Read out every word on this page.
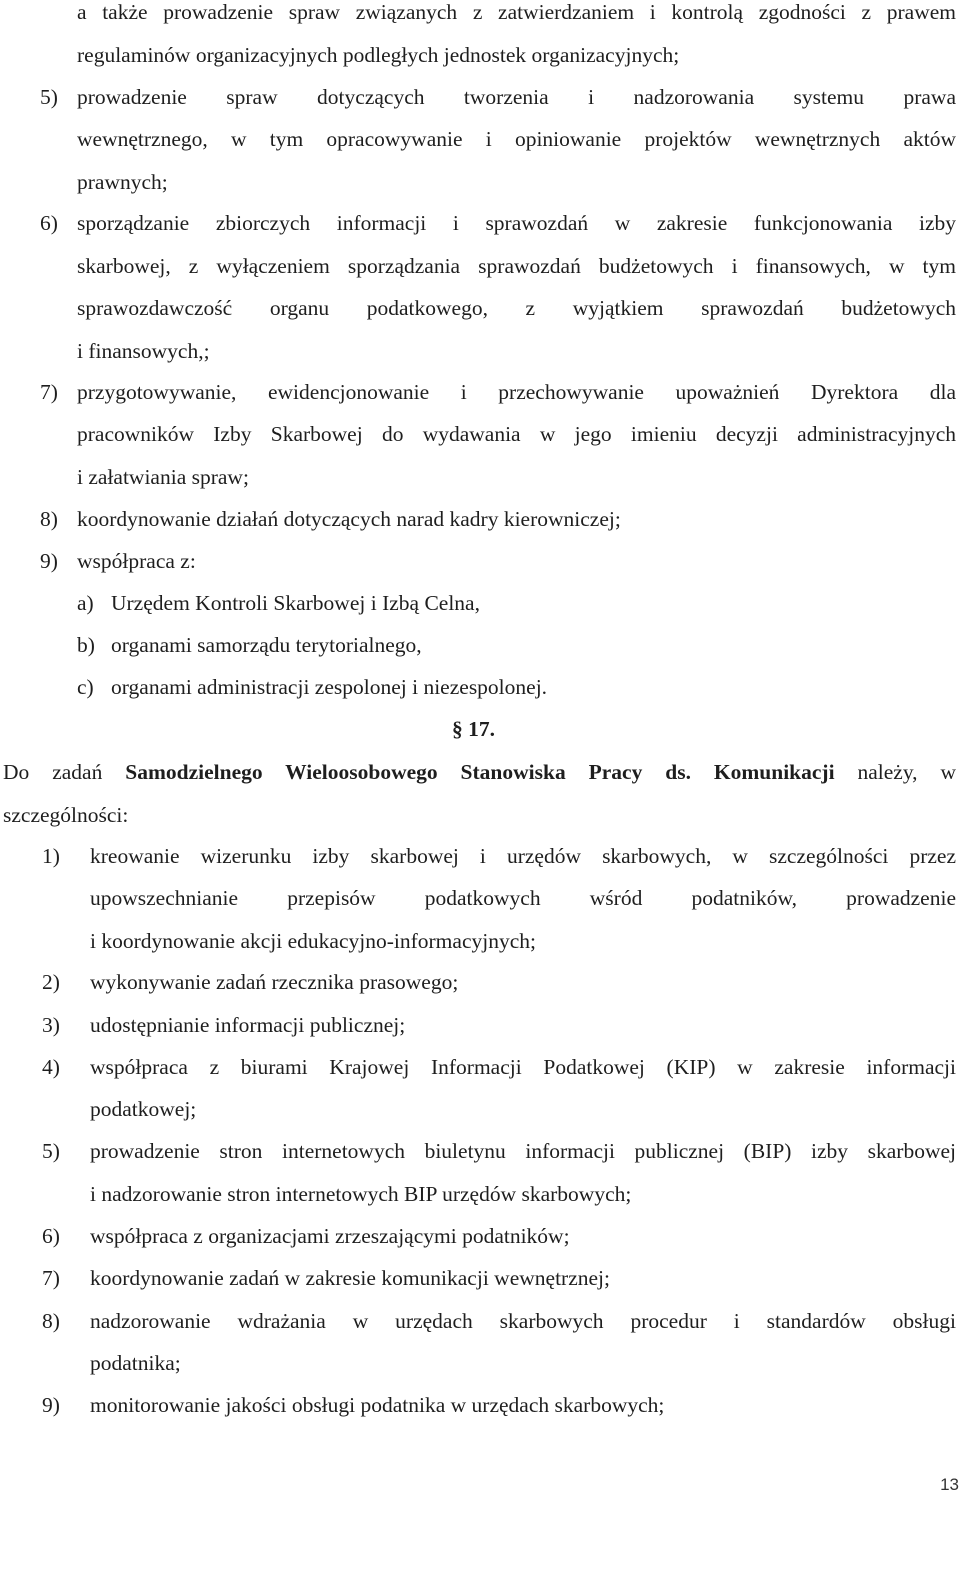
a także prowadzenie spraw związanych z zatwierdzaniem i kontrolą zgodności z prawem
regulaminów organizacyjnych podległych jednostek organizacyjnych;
5) prowadzenie spraw dotyczących tworzenia i nadzorowania systemu prawa
wewnętrznego, w tym opracowywanie i opiniowanie projektów wewnętrznych aktów
prawnych;
6) sporządzanie zbiorczych informacji i sprawozdań w zakresie funkcjonowania izby
skarbowej, z wyłączeniem sporządzania sprawozdań budżetowych i finansowych, w tym
sprawozdawczość organu podatkowego, z wyjątkiem sprawozdań budżetowych
i finansowych,;
7) przygotowywanie, ewidencjonowanie i przechowywanie upoważnień Dyrektora dla
pracowników Izby Skarbowej do wydawania w jego imieniu decyzji administracyjnych
i załatwiania spraw;
8) koordynowanie działań dotyczących narad kadry kierowniczej;
9) współpraca z:
a) Urzędem Kontroli Skarbowej i Izbą Celna,
b) organami samorządu terytorialnego,
c) organami administracji zespolonej i niezespolonej.
§ 17.
Do zadań Samodzielnego Wieloosobowego Stanowiska Pracy ds. Komunikacji należy, w
szczególności:
1) kreowanie wizerunku izby skarbowej i urzędów skarbowych, w szczególności przez
upowszechnianie przepisów podatkowych wśród podatników, prowadzenie
i koordynowanie akcji edukacyjno-informacyjnych;
2) wykonywanie zadań rzecznika prasowego;
3) udostępnianie informacji publicznej;
4) współpraca z biurami Krajowej Informacji Podatkowej (KIP) w zakresie informacji
podatkowej;
5) prowadzenie stron internetowych biuletynu informacji publicznej (BIP) izby skarbowej
i nadzorowanie stron internetowych BIP urzędów skarbowych;
6) współpraca z organizacjami zrzeszającymi podatników;
7) koordynowanie zadań w zakresie komunikacji wewnętrznej;
8) nadzorowanie wdrażania w urzędach skarbowych procedur i standardów obsługi
podatnika;
9) monitorowanie jakości obsługi podatnika w urzędach skarbowych;
13
